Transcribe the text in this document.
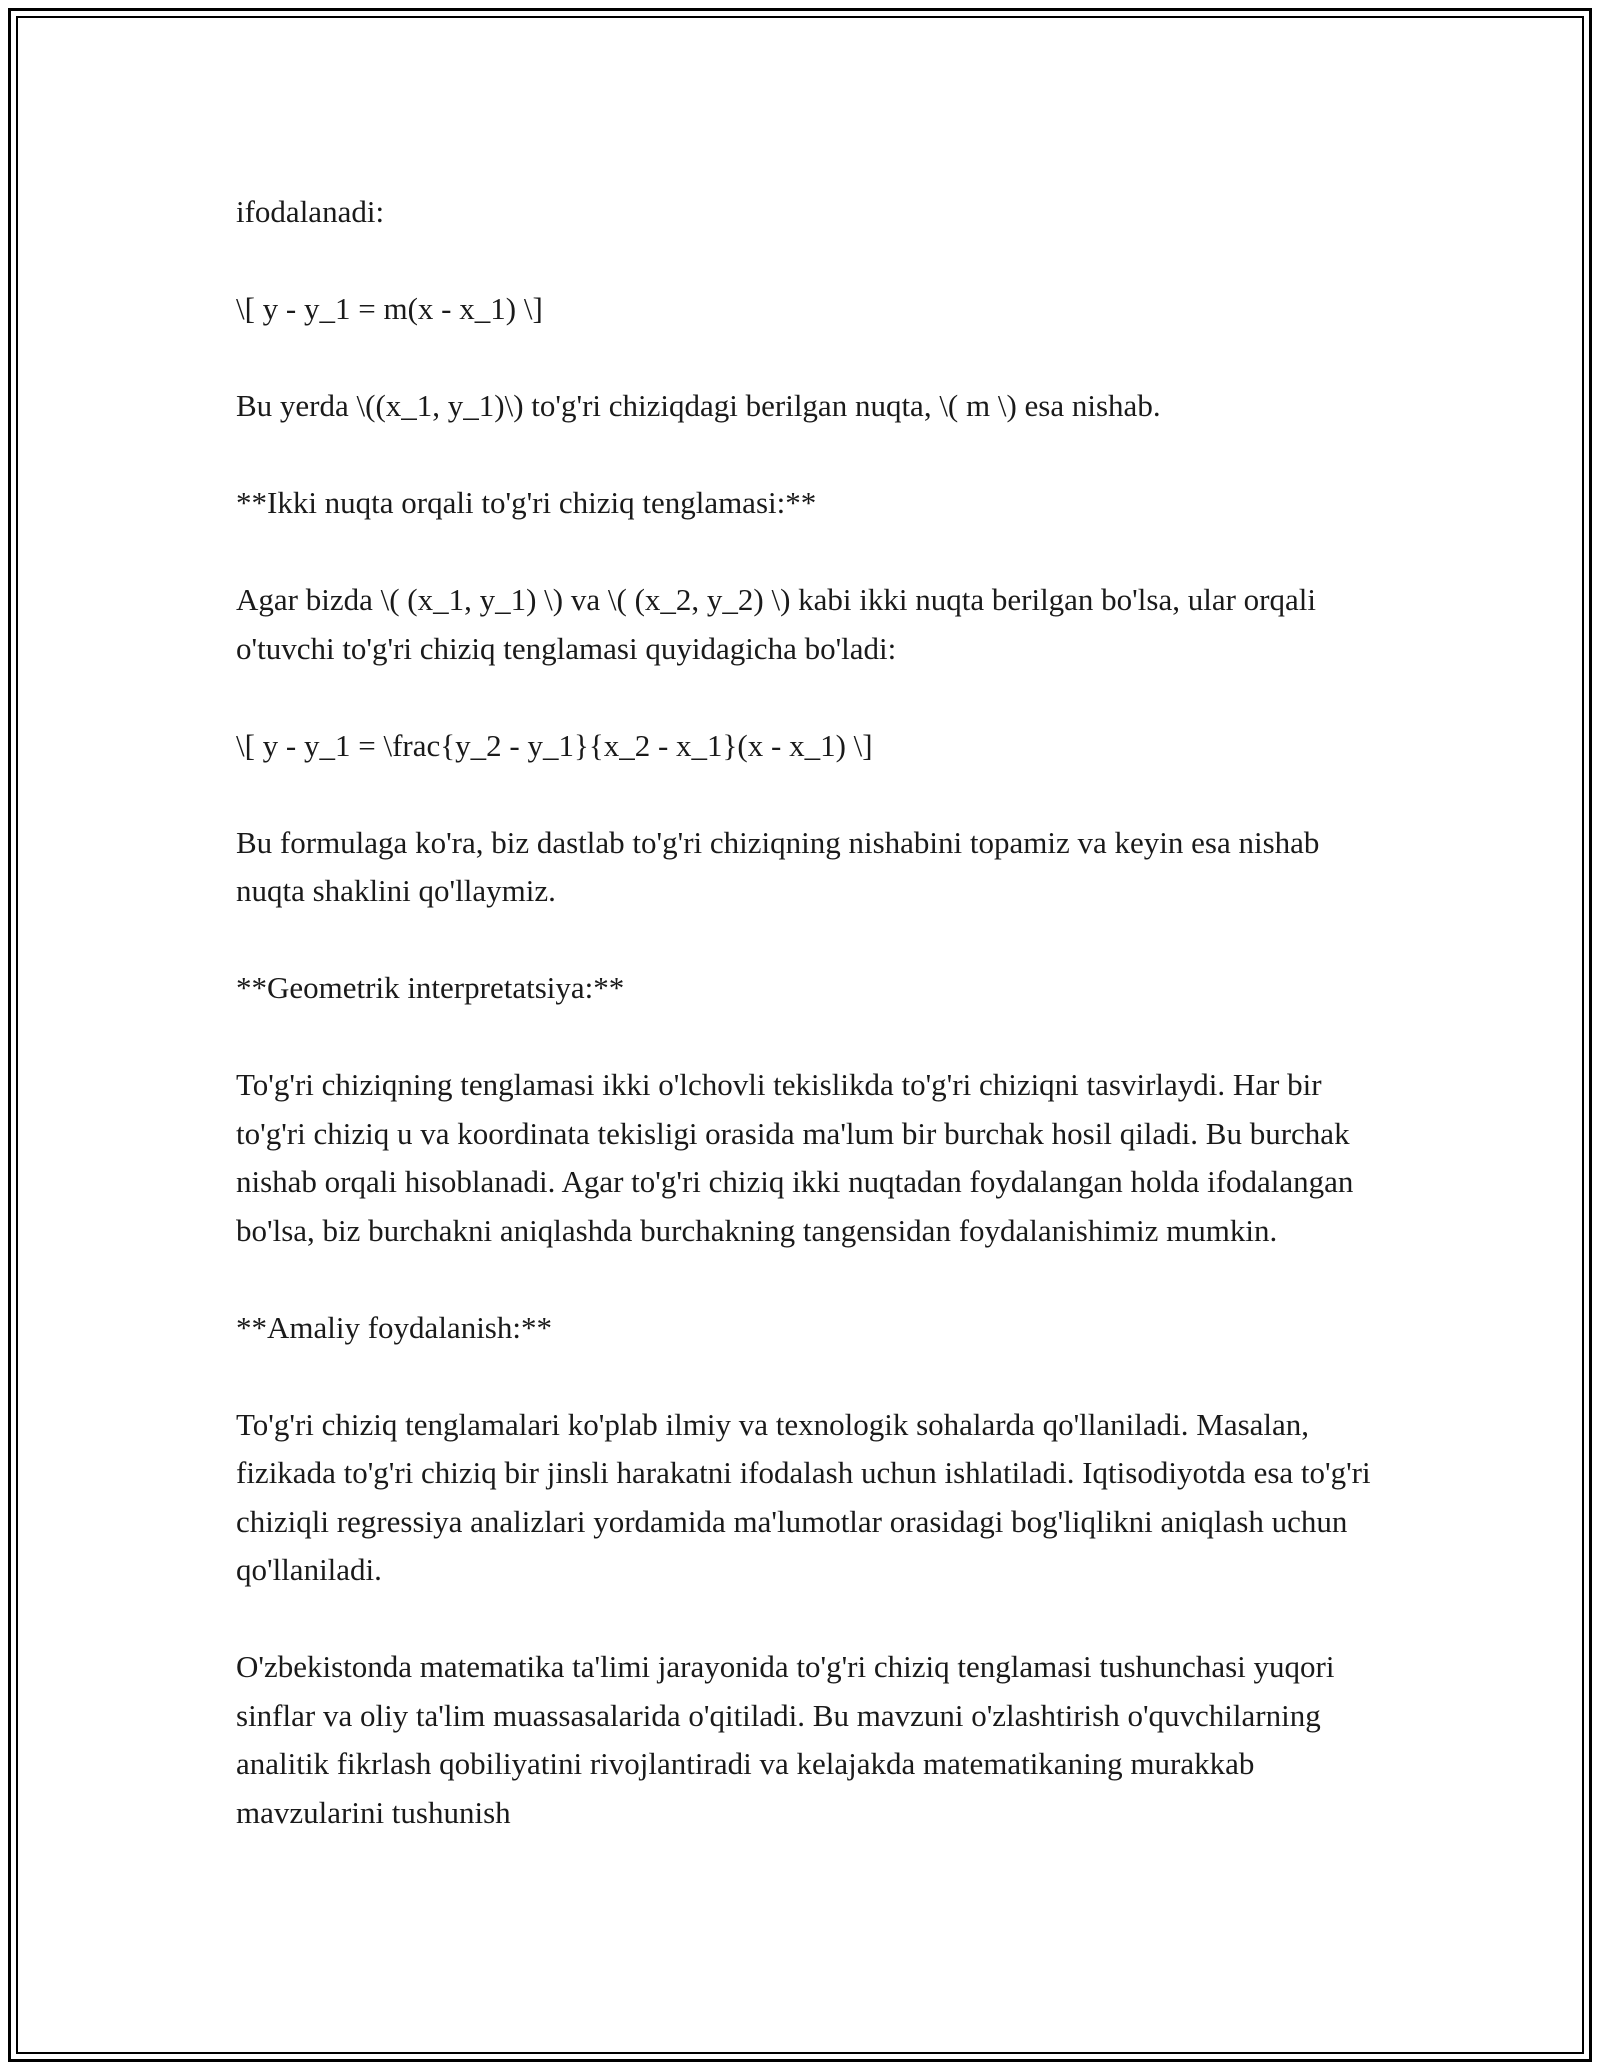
ifodalanadi:

\[ y - y_1 = m(x - x_1) \]

Bu yerda \((x_1, y_1)\) to'g'ri chiziqdagi berilgan nuqta, \( m \) esa nishab.

**Ikki nuqta orqali to'g'ri chiziq tenglamasi:**

Agar bizda \( (x_1, y_1) \) va \( (x_2, y_2) \) kabi ikki nuqta berilgan bo'lsa, ular orqali o'tuvchi to'g'ri chiziq tenglamasi quyidagicha bo'ladi:

\[ y - y_1 = \frac{y_2 - y_1}{x_2 - x_1}(x - x_1) \]

Bu formulaga ko'ra, biz dastlab to'g'ri chiziqning nishabini topamiz va keyin esa nishab nuqta shaklini qo'llaymiz.

**Geometrik interpretatsiya:**

To'g'ri chiziqning tenglamasi ikki o'lchovli tekislikda to'g'ri chiziqni tasvirlaydi. Har bir to'g'ri chiziq u va koordinata tekisligi orasida ma'lum bir burchak hosil qiladi. Bu burchak nishab orqali hisoblanadi. Agar to'g'ri chiziq ikki nuqtadan foydalangan holda ifodalangan bo'lsa, biz burchakni aniqlashda burchakning tangensidan foydalanishimiz mumkin.

**Amaliy foydalanish:**

To'g'ri chiziq tenglamalari ko'plab ilmiy va texnologik sohalarda qo'llaniladi. Masalan, fizikada to'g'ri chiziq bir jinsli harakatni ifodalash uchun ishlatiladi. Iqtisodiyotda esa to'g'ri chiziqli regressiya analizlari yordamida ma'lumotlar orasidagi bog'liqlikni aniqlash uchun qo'llaniladi.

O'zbekistonda matematika ta'limi jarayonida to'g'ri chiziq tenglamasi tushunchasi yuqori sinflar va oliy ta'lim muassasalarida o'qitiladi. Bu mavzuni o'zlashtirish o'quvchilarning analitik fikrlash qobiliyatini rivojlantiradi va kelajakda matematikaning murakkab mavzularini tushunish
